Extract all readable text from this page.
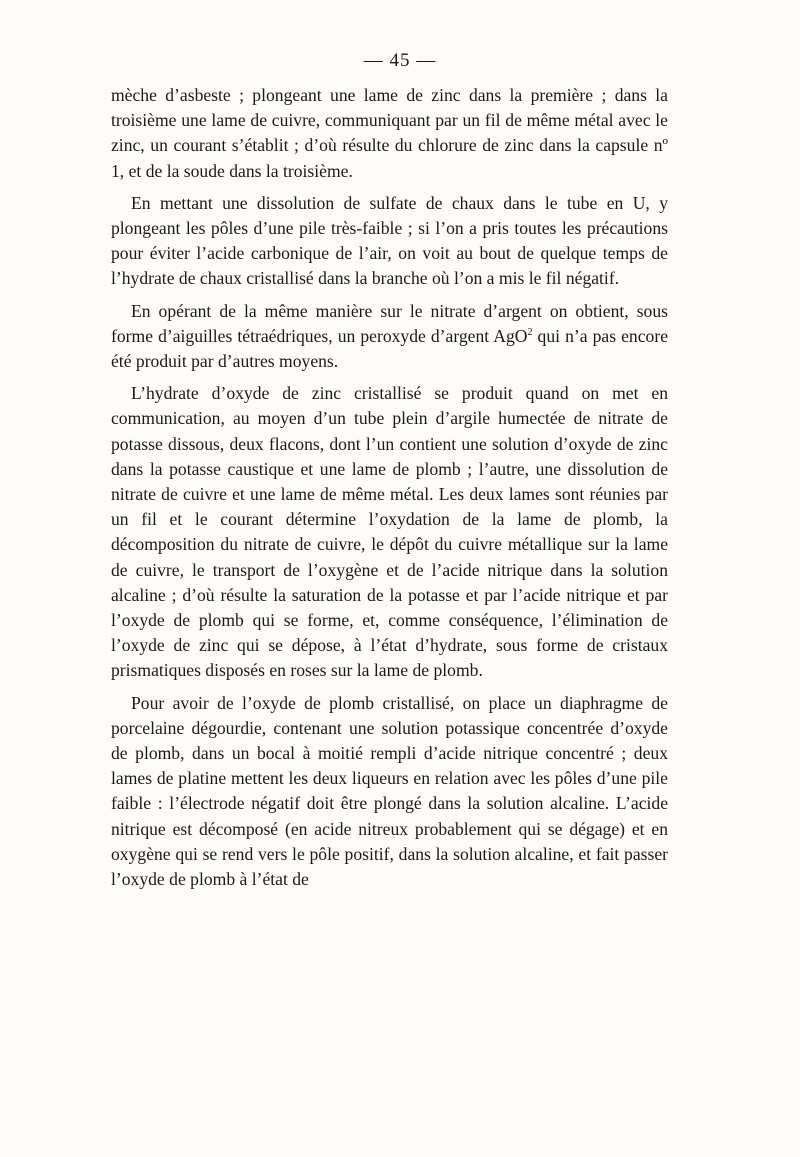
— 45 —

mèche d’asbeste ; plongeant une lame de zinc dans la première ; dans la troisième une lame de cuivre, communiquant par un fil de même métal avec le zinc, un courant s’établit ; d’où résulte du chlorure de zinc dans la capsule nº 1, et de la soude dans la troisième.

En mettant une dissolution de sulfate de chaux dans le tube en U, y plongeant les pôles d’une pile très-faible ; si l’on a pris toutes les précautions pour éviter l’acide carbonique de l’air, on voit au bout de quelque temps de l’hydrate de chaux cristallisé dans la branche où l’on a mis le fil négatif.

En opérant de la même manière sur le nitrate d’argent on obtient, sous forme d’aiguilles tétraédriques, un peroxyde d’argent AgO$^2$ qui n’a pas encore été produit par d’autres moyens.

L’hydrate d’oxyde de zinc cristallisé se produit quand on met en communication, au moyen d’un tube plein d’argile humectée de nitrate de potasse dissous, deux flacons, dont l’un contient une solution d’oxyde de zinc dans la potasse caustique et une lame de plomb ; l’autre, une dissolution de nitrate de cuivre et une lame de même métal. Les deux lames sont réunies par un fil et le courant détermine l’oxydation de la lame de plomb, la décomposition du nitrate de cuivre, le dépôt du cuivre métallique sur la lame de cuivre, le transport de l’oxygène et de l’acide nitrique dans la solution alcaline ; d’où résulte la saturation de la potasse et par l’acide nitrique et par l’oxyde de plomb qui se forme, et, comme conséquence, l’élimination de l’oxyde de zinc qui se dépose, à l’état d’hydrate, sous forme de cristaux prismatiques disposés en roses sur la lame de plomb.

Pour avoir de l’oxyde de plomb cristallisé, on place un diaphragme de porcelaine dégourdie, contenant une solution potassique concentrée d’oxyde de plomb, dans un bocal à moitié rempli d’acide nitrique concentré ; deux lames de platine mettent les deux liqueurs en relation avec les pôles d’une pile faible : l’électrode négatif doit être plongé dans la solution alcaline. L’acide nitrique est décomposé (en acide nitreux probablement qui se dégage) et en oxygène qui se rend vers le pôle positif, dans la solution alcaline, et fait passer l’oxyde de plomb à l’état de
